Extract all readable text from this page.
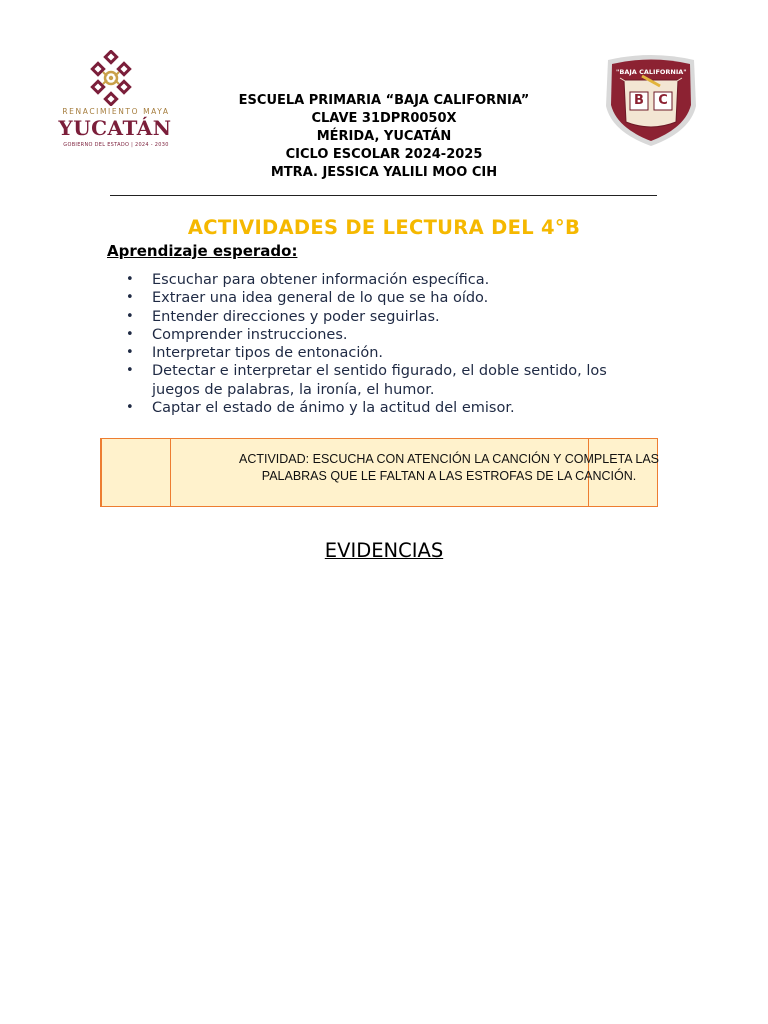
RENACIMIENTO MAYA
YUCATÁN
GOBIERNO DEL ESTADO | 2024 - 2030
"BAJA CALIFORNIA"
B	C
ESCUELA PRIMARIA “BAJA CALIFORNIA”
CLAVE 31DPR0050X
MÉRIDA, YUCATÁN
CICLO ESCOLAR 2024-2025
MTRA. JESSICA YALILI MOO CIH
ACTIVIDADES DE LECTURA DEL 4°B
Aprendizaje esperado:
• Escuchar para obtener información específica.
• Extraer una idea general de lo que se ha oído.
• Entender direcciones y poder seguirlas.
• Comprender instrucciones.
• Interpretar tipos de entonación.
• Detectar e interpretar el sentido figurado, el doble sentido, los juegos de palabras, la ironía, el humor.
• Captar el estado de ánimo y la actitud del emisor.
ACTIVIDAD: ESCUCHA CON ATENCIÓN LA CANCIÓN Y COMPLETA LAS PALABRAS QUE LE FALTAN A LAS ESTROFAS DE LA CANCIÓN.
EVIDENCIAS
